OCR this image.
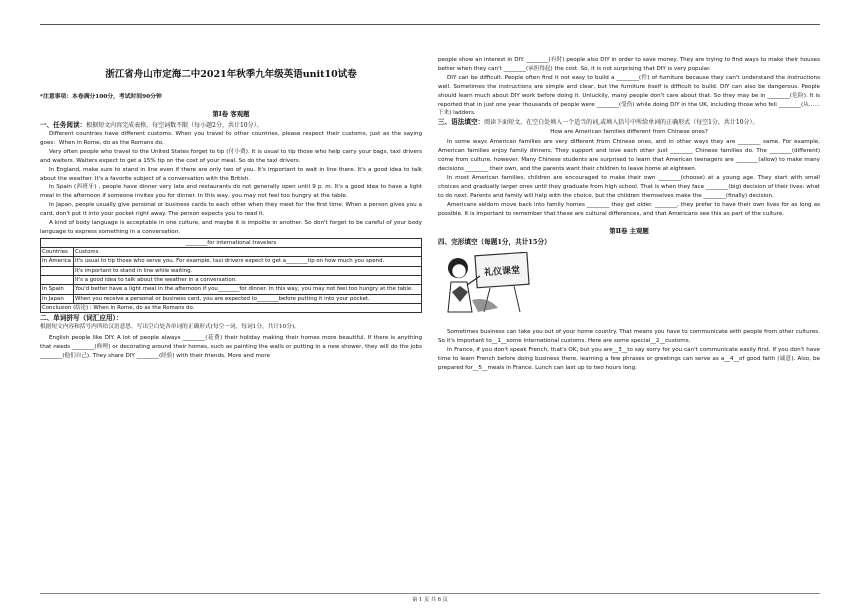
浙江省舟山市定海二中2021年秋季九年级英语unit10试卷

*注意事项：本卷满分100分，考试时间90分钟

第Ⅰ卷 客观题

一、任务阅读：根据短文内容完成表格，每空词数不限（每小题2分，共计10分）。

Different countries have different customs. When you travel to other countries, please respect their customs, just as the saying goes：When in Rome, do as the Romans do.

Very often people who travel to the United States forget to tip (付小费). It is usual to tip those who help carry your bags, taxi drivers and waiters. Waiters expect to get a 15% tip on the cost of your meal. So do the taxi drivers.

In England, make sure to stand in line even if there are only two of you. It's important to wait in line there. It's a good idea to talk about the weather. It's a favorite subject of a conversation with the British.

In Spain (西班牙) , people have dinner very late and restaurants do not generally open until 9 p. m. It's a good idea to have a light meal in the afternoon if someone invites you for dinner. In this way, you may not feel too hungry at the table.

In Japan, people usually give personal or business cards to each other when they meet for the first time. When a person gives you a card, don't put it into your pocket right away. The person expects you to read it.

A kind of body language is acceptable in one culture, and maybe it is impolite in another. So don't forget to be careful of your body language to express something in a conversation.

________for international travelers	
Countries	Customs
In America	It's usual to tip those who serve you. For example, taxi drivers expect to get a________tip on how much you spend.
	It's important to stand in line while waiting.
	It's a good idea to talk about the weather in a conversation.
In Spain	You'd better have a light meal in the afternoon if you________for dinner. In this way, you may not feel too hungry at the table.
In Japan	When you receive a personal or business card, you are expected to________before putting it into your pocket.
Conclusion (结论) : When in Rome, do as the Romans do.	

二、单词拼写（词汇应用）：

根据短文内容和括号内所给汉语意思，写出空白处各单词的正确形式(每空一词，每词1分，共计10分)。

English people like DIY. A lot of people always ________(花费) their holiday making their homes more beautiful. If there is anything that needs ________(修理) or decorating around their homes, such as painting the walls or putting in a new shower, they will do the jobs ________(他们自己). They share DIY ________(经验) with their friends. More and more

people show an interest in DIY. ________(有时) people also DIY in order to save money. They are trying to find ways to make their houses better when they can't ________(承担得起) the cost. So, it is not surprising that DIY is very popular.

DIY can be difficult. People often find it not easy to build a ________(件) of furniture because they can't understand the instructions well. Sometimes the instructions are simple and clear, but the furniture itself is difficult to build. DIY can also be dangerous. People should learn much about DIY work before doing it. Unluckily, many people don't care about that. So they may be in ________(危险). It is reported that in just one year thousands of people were ________(受伤) while doing DIY in the UK, including those who fell ________(从……下来) ladders.

三、语法填空：阅读下面短文，在空白处填入一个适当的词,或填入括号中所给单词的正确形式（每空1分，共计10分）。

How are American families different from Chinese ones?

In some ways American families are very different from Chinese ones, and in other ways they are ________ same. For example, American families enjoy family dinners. They support and love each other just ________ Chinese families do. The ________(different) come from culture, however. Many Chinese students are surprised to learn that American teenagers are ________(allow) to make many decisions ________ their own, and the parents want their children to leave home at eighteen.

In most American families, children are encouraged to make their own ________(choose) at a young age. They start with small choices and gradually larger ones until they graduate from high school. That is when they face ________(big) decision of their lives: what to do next. Parents and family will help with the choice, but the children themselves make the ________(finally) decision.

Americans seldom move back into family homes ________ they get older. ________, they prefer to have their own lives for as long as possible. It is important to remember that these are cultural differences, and that Americans see this as part of the culture.

第Ⅱ卷 主观题

四、完形填空（每题1分，共计15分）

礼仪课堂

Sometimes business can take you out of your home country. That means you have to communicate with people from other cultures. So it's important to__1__some international customs. Here are some special__2__customs.

In France, if you don't speak French, that's OK, but you are__3__to say sorry for you can't communicate easily first. If you don't have time to learn French before doing business there, learning a few phrases or greetings can serve as a__4__of good faith (诚意). Also, be prepared for__5__meals in France. Lunch can last up to two hours long.

第 1 页 共 6 页
